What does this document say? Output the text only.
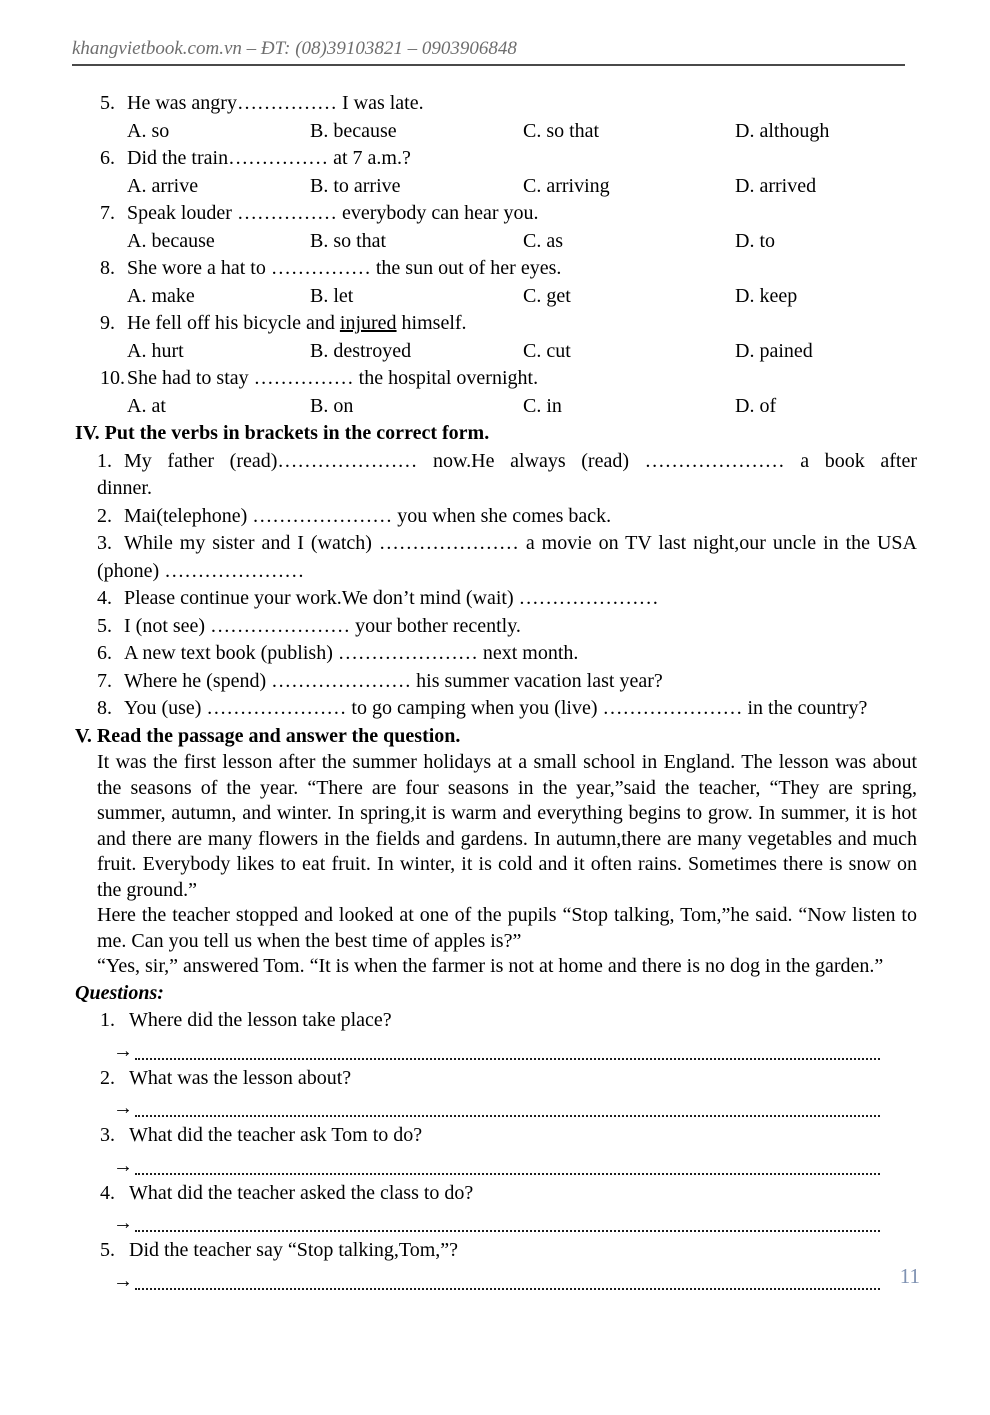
khangvietbook.com.vn – ĐT: (08)39103821 – 0903906848
5. He was angry…………… I was late.
A. so	B. because	C. so that	D. although
6. Did the train…………… at 7 a.m.?
A. arrive	B. to arrive	C. arriving	D. arrived
7. Speak louder …………… everybody can hear you.
A. because	B. so that	C. as	D. to
8. She wore a hat to …………… the sun out of her eyes.
A. make	B. let	C. get	D. keep
9. He fell off his bicycle and injured himself.
A. hurt	B. destroyed	C. cut	D. pained
10. She had to stay …………… the hospital overnight.
A. at	B. on	C. in	D. of
IV. Put the verbs in brackets in the correct form.
1. My father (read)………………… now.He always (read) ………………… a book after dinner.
2. Mai(telephone) ………………… you when she comes back.
3. While my sister and I (watch) ………………… a movie on TV last night,our uncle in the USA (phone) …………………
4. Please continue your work.We don’t mind (wait) …………………
5. I (not see) ………………… your bother recently.
6. A new text book (publish) ………………… next month.
7. Where he (spend) ………………… his summer vacation last year?
8. You (use) ………………… to go camping when you (live) ………………… in the country?
V. Read the passage and answer the question.

It was the first lesson after the summer holidays at a small school in England. The lesson was about the seasons of the year. “There are four seasons in the year,”said the teacher, “They are spring, summer, autumn, and winter. In spring,it is warm and everything begins to grow. In summer, it is hot and there are many flowers in the fields and gardens. In autumn,there are many vegetables and much fruit. Everybody likes to eat fruit. In winter, it is cold and it often rains. Sometimes there is snow on the ground.”

Here the teacher stopped and looked at one of the pupils “Stop talking, Tom,”he said. “Now listen to me. Can you tell us when the best time of apples is?”

“Yes, sir,” answered Tom. “It is when the farmer is not at home and there is no dog in the garden.”

Questions:
1. Where did the lesson take place?
→
2. What was the lesson about?
→
3. What did the teacher ask Tom to do?
→
4. What did the teacher asked the class to do?
→
5. Did the teacher say “Stop talking,Tom,”?
→	11
